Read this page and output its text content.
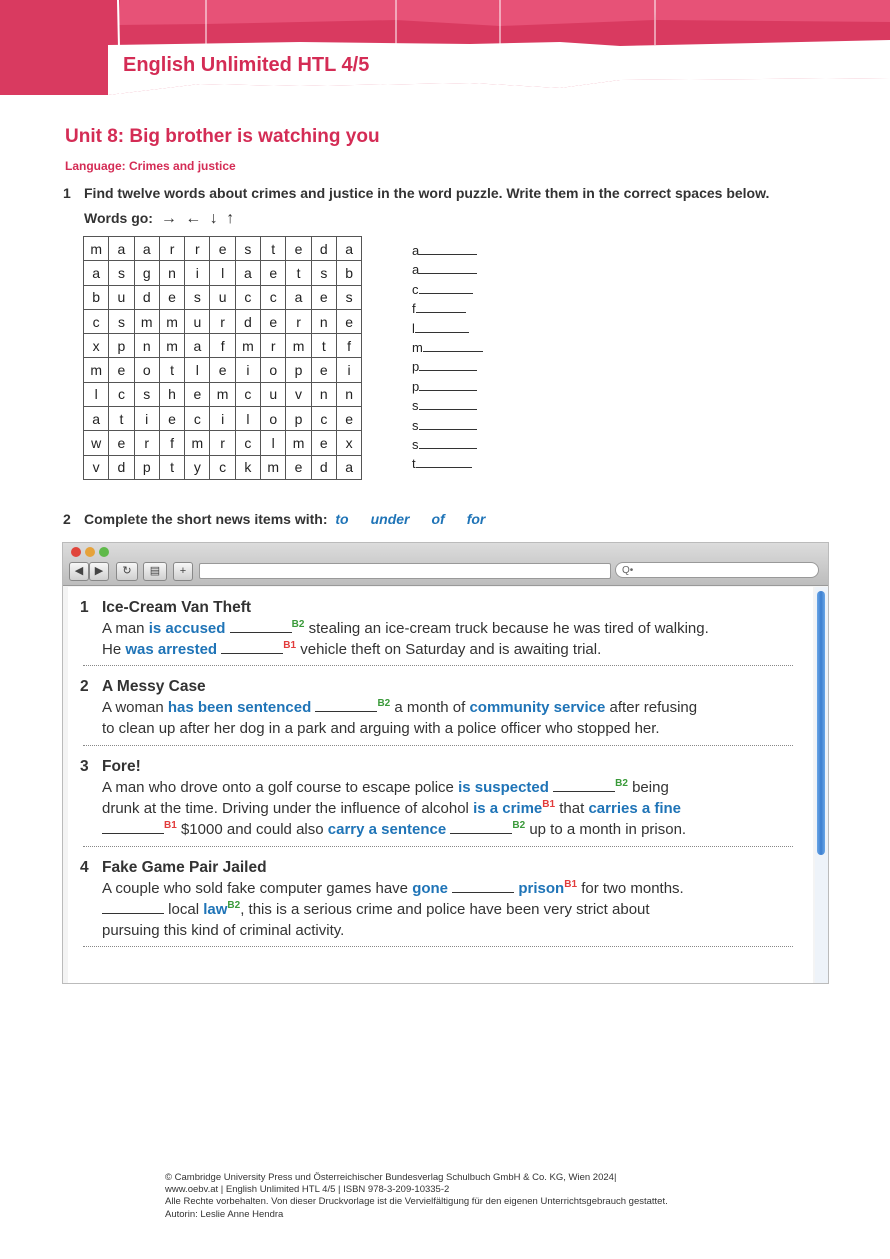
English Unlimited HTL 4/5
Unit 8: Big brother is watching you
Language: Crimes and justice
1 Find twelve words about crimes and justice in the word puzzle. Write them in the correct spaces below.
Words go: → ← ↓ ↑
m	a	a	r	r	e	s	t	e	d	a
a	s	g	n	i	l	a	e	t	s	b
b	u	d	e	s	u	c	c	a	e	s
c	s	m	m	u	r	d	e	r	n	e
x	p	n	m	a	f	m	r	m	t	f
m	e	o	t	l	e	i	o	p	e	i
l	c	s	h	e	m	c	u	v	n	n
a	t	i	e	c	i	l	o	p	c	e
w	e	r	f	m	r	c	l	m	e	x
v	d	p	t	y	c	k	m	e	d	a
a
a
c
f
l
m
p
p
s
s
s
t
2 Complete the short news items with: to under of for
◀	▶	↻	▤	+	Q•
1 Ice-Cream Van Theft
A man is accused	$^{B2}$ stealing an ice-cream truck because he was tired of walking.
He was arrested	$^{B1}$ vehicle theft on Saturday and is awaiting trial.
2 A Messy Case
A woman has been sentenced	$^{B2}$ a month of community service after refusing
to clean up after her dog in a park and arguing with a police officer who stopped her.
3 Fore!
A man who drove onto a golf course to escape police is suspected	$^{B2}$ being
drunk at the time. Driving under the influence of alcohol is a crime$^{B1}$ that carries a fine
$^{B1}$ $1000 and could also carry a sentence	$^{B2}$ up to a month in prison.
4 Fake Game Pair Jailed
A couple who sold fake computer games have gone	prison$^{B1}$ for two months.
local law$^{B2}$, this is a serious crime and police have been very strict about
pursuing this kind of criminal activity.
© Cambridge University Press und Österreichischer Bundesverlag Schulbuch GmbH & Co. KG, Wien 2024|
www.oebv.at | English Unlimited HTL 4/5 | ISBN 978-3-209-10335-2
Alle Rechte vorbehalten. Von dieser Druckvorlage ist die Vervielfältigung für den eigenen Unterrichtsgebrauch gestattet.
Autorin: Leslie Anne Hendra
